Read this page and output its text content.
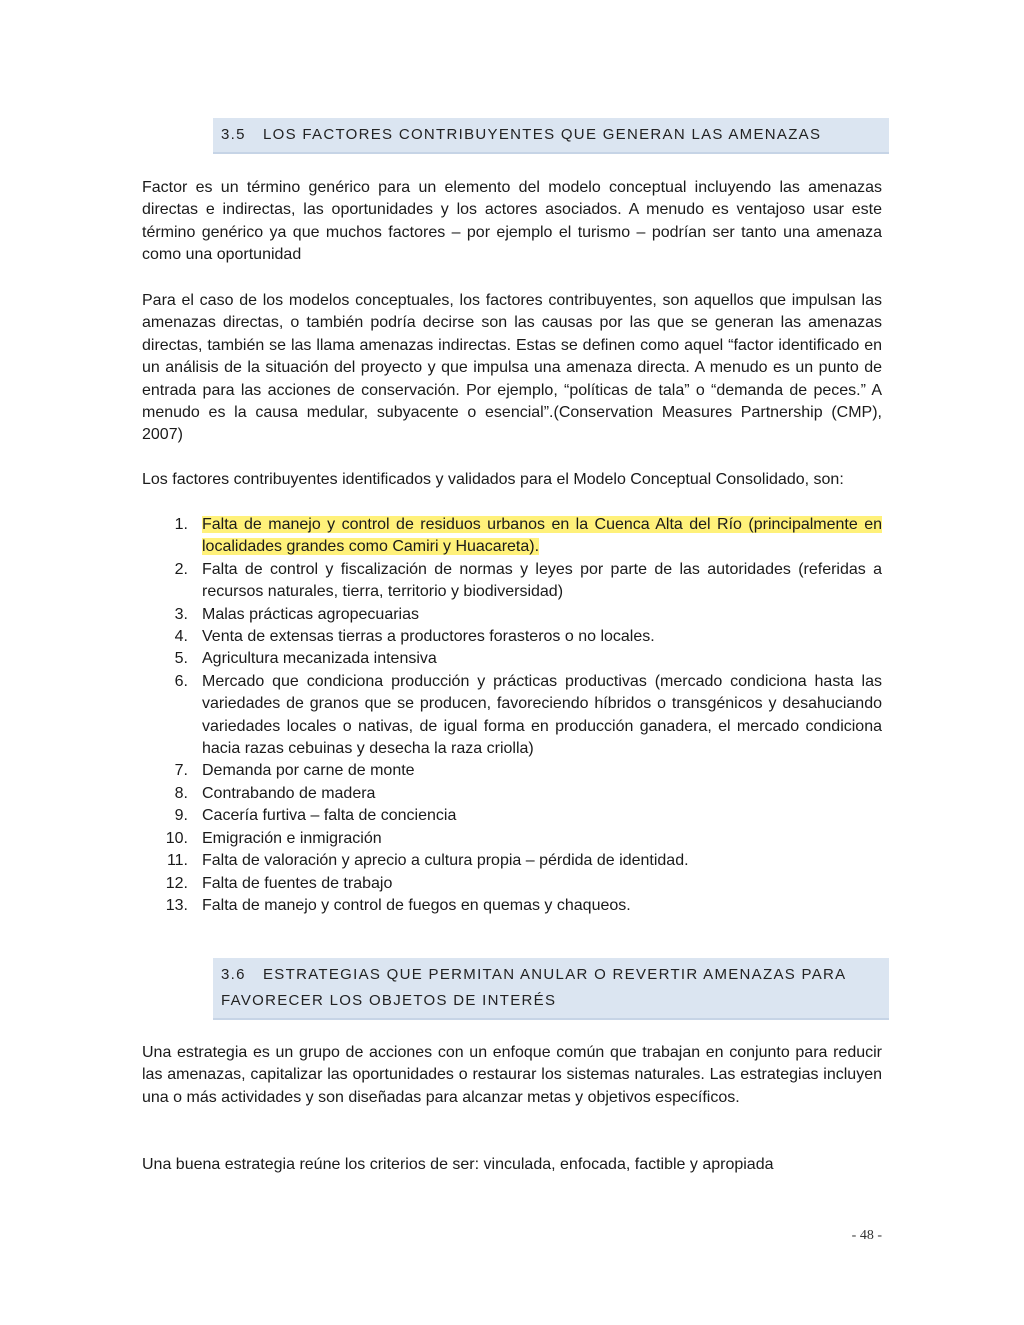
3.5 LOS FACTORES CONTRIBUYENTES QUE GENERAN LAS AMENAZAS

Factor es un término genérico para un elemento del modelo conceptual incluyendo las amenazas directas e indirectas, las oportunidades y los actores asociados. A menudo es ventajoso usar este término genérico ya que muchos factores – por ejemplo el turismo – podrían ser tanto una amenaza como una oportunidad

Para el caso de los modelos conceptuales, los factores contribuyentes, son aquellos que impulsan las amenazas directas, o también podría decirse son las causas por las que se generan las amenazas directas, también se las llama amenazas indirectas. Estas se definen como aquel “factor identificado en un análisis de la situación del proyecto y que impulsa una amenaza directa. A menudo es un punto de entrada para las acciones de conservación. Por ejemplo, “políticas de tala” o “demanda de peces.” A menudo es la causa medular, subyacente o esencial”.(Conservation Measures Partnership (CMP), 2007)

Los factores contribuyentes identificados y validados para el Modelo Conceptual Consolidado, son:

1. Falta de manejo y control de residuos urbanos en la Cuenca Alta del Río (principalmente en localidades grandes como Camiri y Huacareta).
2. Falta de control y fiscalización de normas y leyes por parte de las autoridades (referidas a recursos naturales, tierra, territorio y biodiversidad)
3. Malas prácticas agropecuarias
4. Venta de extensas tierras a productores forasteros o no locales.
5. Agricultura mecanizada intensiva
6. Mercado que condiciona producción y prácticas productivas (mercado condiciona hasta las variedades de granos que se producen, favoreciendo híbridos o transgénicos y desahuciando variedades locales o nativas, de igual forma en producción ganadera, el mercado condiciona hacia razas cebuinas y desecha la raza criolla)
7. Demanda por carne de monte
8. Contrabando de madera
9. Cacería furtiva – falta de conciencia
10. Emigración e inmigración
11. Falta de valoración y aprecio a cultura propia – pérdida de identidad.
12. Falta de fuentes de trabajo
13. Falta de manejo y control de fuegos en quemas y chaqueos.
3.6 ESTRATEGIAS QUE PERMITAN ANULAR O REVERTIR AMENAZAS PARA FAVORECER LOS OBJETOS DE INTERÉS

Una estrategia es un grupo de acciones con un enfoque común que trabajan en conjunto para reducir las amenazas, capitalizar las oportunidades o restaurar los sistemas naturales. Las estrategias incluyen una o más actividades y son diseñadas para alcanzar metas y objetivos específicos.

Una buena estrategia reúne los criterios de ser: vinculada, enfocada, factible y apropiada

- 48 -
